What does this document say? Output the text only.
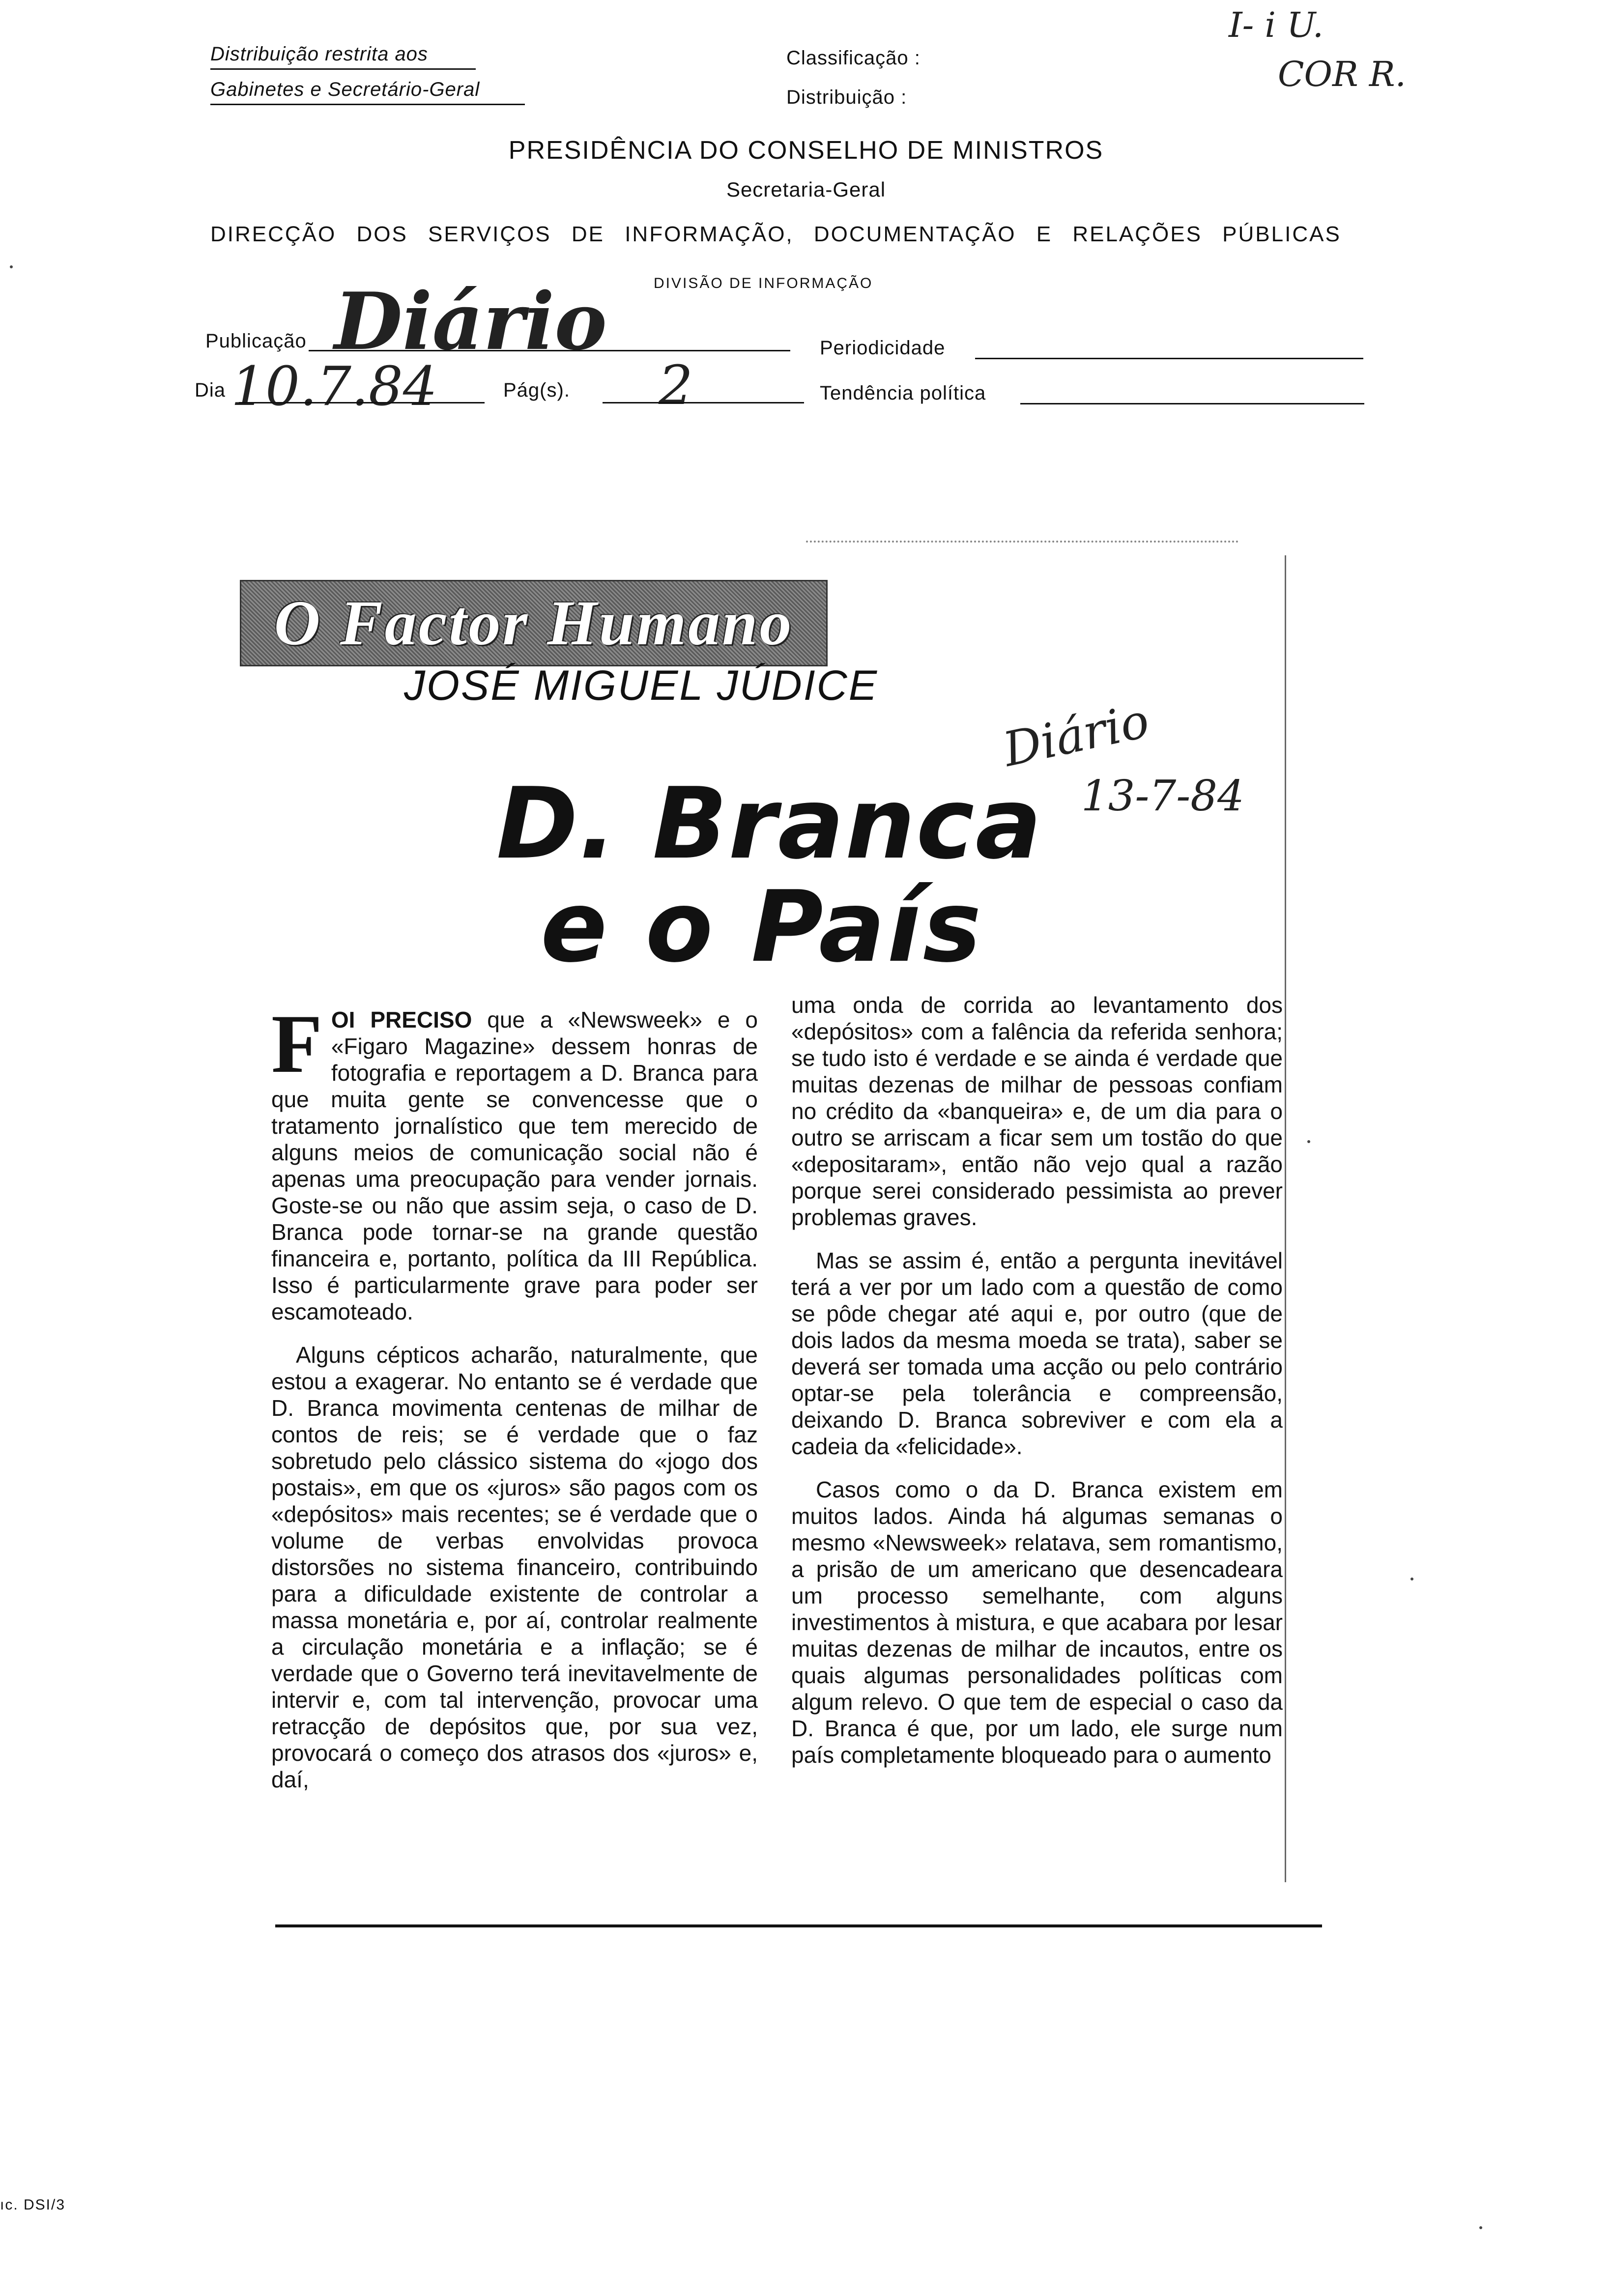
Distribuição restrita aos
Gabinetes e Secretário-Geral
Classificação :
Distribuição :
I- i U.
COR R.
PRESIDÊNCIA DO CONSELHO DE MINISTROS
Secretaria-Geral
DIRECÇÃO DOS SERVIÇOS DE INFORMAÇÃO, DOCUMENTAÇÃO E RELAÇÕES PÚBLICAS
DIVISÃO DE INFORMAÇÃO
Publicação Diário	Periodicidade
Dia 10.7.84	Pág(s). 2	Tendência política
O Factor Humano
JOSÉ MIGUEL JÚDICE
D. Branca
e o País
Diário
13-7-84

FOI PRECISO que a «Newsweek» e o «Figaro Magazine» dessem honras de fotografia e reportagem a D. Branca para que muita gente se convencesse que o tratamento jornalístico que tem merecido de alguns meios de comunicação social não é apenas uma preocupação para vender jornais. Goste-se ou não que assim seja, o caso de D. Branca pode tornar-se na grande questão financeira e, portanto, política da III República. Isso é particularmente grave para poder ser escamoteado.

Alguns cépticos acharão, naturalmente, que estou a exagerar. No entanto se é verdade que D. Branca movimenta centenas de milhar de contos de reis; se é verdade que o faz sobretudo pelo clássico sistema do «jogo dos postais», em que os «juros» são pagos com os «depósitos» mais recentes; se é verdade que o volume de verbas envolvidas provoca distorsões no sistema financeiro, contribuindo para a dificuldade existente de controlar a massa monetária e, por aí, controlar realmente a circulação monetária e a inflação; se é verdade que o Governo terá inevitavelmente de intervir e, com tal intervenção, provocar uma retracção de depósitos que, por sua vez, provocará o começo dos atrasos dos «juros» e, daí,

uma onda de corrida ao levantamento dos «depósitos» com a falência da referida senhora; se tudo isto é verdade e se ainda é verdade que muitas dezenas de milhar de pessoas confiam no crédito da «banqueira» e, de um dia para o outro se arriscam a ficar sem um tostão do que «depositaram», então não vejo qual a razão porque serei considerado pessimista ao prever problemas graves.

Mas se assim é, então a pergunta inevitável terá a ver por um lado com a questão de como se pôde chegar até aqui e, por outro (que de dois lados da mesma moeda se trata), saber se deverá ser tomada uma acção ou pelo contrário optar-se pela tolerância e compreensão, deixando D. Branca sobreviver e com ela a cadeia da «felicidade».

Casos como o da D. Branca existem em muitos lados. Ainda há algumas semanas o mesmo «Newsweek» relatava, sem romantismo, a prisão de um americano que desencadeara um processo semelhante, com alguns investimentos à mistura, e que acabara por lesar muitas dezenas de milhar de incautos, entre os quais algumas personalidades políticas com algum relevo. O que tem de especial o caso da D. Branca é que, por um lado, ele surge num país completamente bloqueado para o aumento

ıc. DSI/3
